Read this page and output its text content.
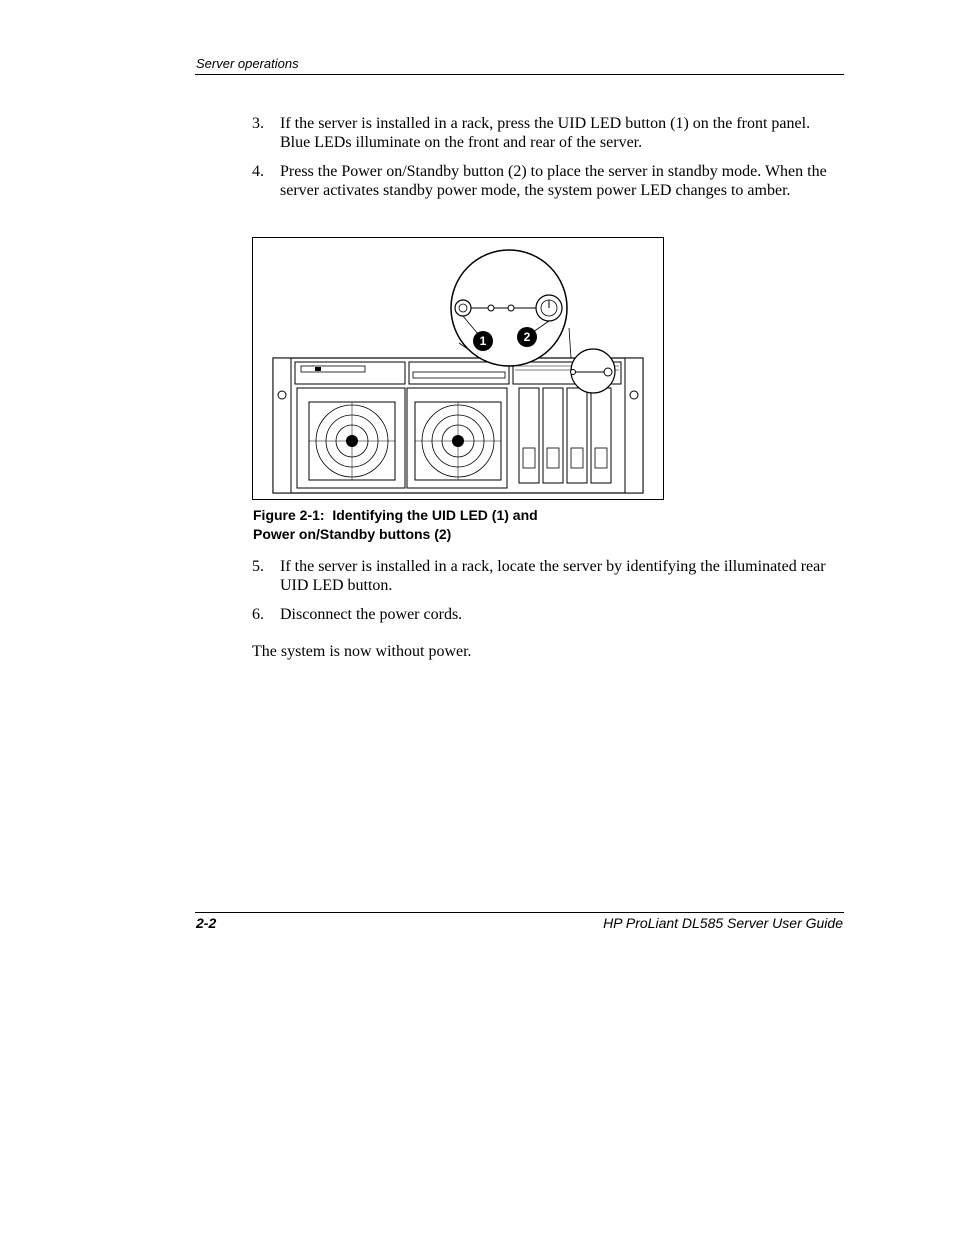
Server operations
3. If the server is installed in a rack, press the UID LED button (1) on the front panel. Blue LEDs illuminate on the front and rear of the server.
4. Press the Power on/Standby button (2) to place the server in standby mode. When the server activates standby power mode, the system power LED changes to amber.
1	2
Figure 2-1:  Identifying the UID LED (1) and
Power on/Standby buttons (2)
5. If the server is installed in a rack, locate the server by identifying the illuminated rear UID LED button.
6. Disconnect the power cords.
The system is now without power.
2-2	HP ProLiant DL585 Server User Guide
